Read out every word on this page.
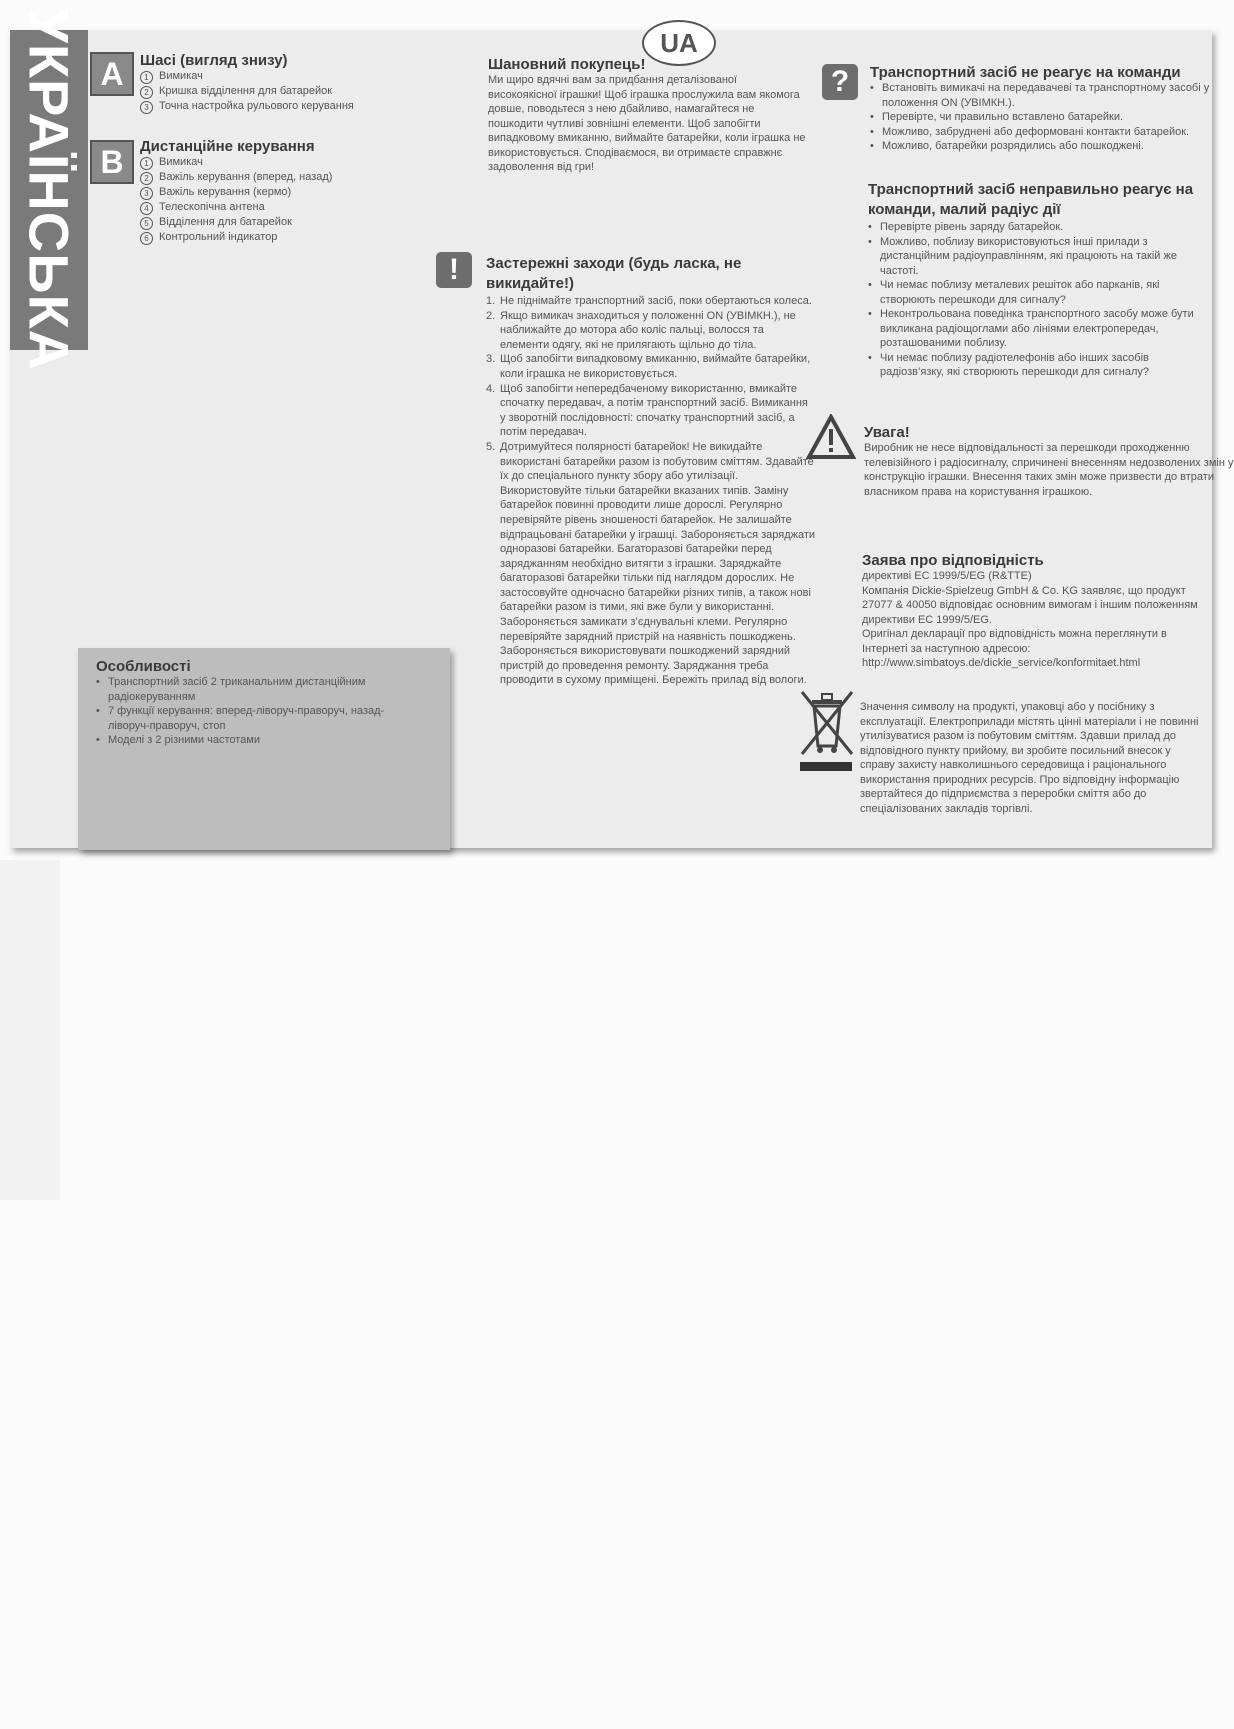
УКРАЇНСЬКА	UA
A	Шасі (вигляд знизу)

1 Вимикач
2 Кришка відділення для батарейок
3 Точна настройка рульового керування
B	Дистанційне керування

1 Вимикач
2 Важіль керування (вперед, назад)
3 Важіль керування (кермо)
4 Телескопічна антена
5 Відділення для батарейок
6 Контрольний індикатор

Шановний покупець!

Ми щиро вдячні вам за придбання деталізованої високоякісної іграшки! Щоб іграшка прослужила вам якомога довше, поводьтеся з нею дбайливо, намагайтеся не пошкодити чутливі зовнішні елементи. Щоб запобігти випадковому вмиканню, виймайте батарейки, коли іграшка не використовується. Сподіваємося, ви отримаєте справжнє задоволення від гри!

!	Застережні заходи (будь ласка, не викидайте!)

1. Не піднімайте транспортний засіб, поки обертаються колеса.
2. Якщо вимикач знаходиться у положенні ON (УВІМКН.), не наближайте до мотора або коліс пальці, волосся та елементи одягу, які не прилягають щільно до тіла.
3. Щоб запобігти випадковому вмиканню, виймайте батарейки, коли іграшка не використовується.
4. Щоб запобігти непередбаченому використанню, вмикайте спочатку передавач, а потім транспортний засіб. Вимикання у зворотній послідовності: спочатку транспортний засіб, а потім передавач.
5. Дотримуйтеся полярності батарейок! Не викидайте використані батарейки разом із побутовим сміттям. Здавайте їх до спеціального пункту збору або утилізації. Використовуйте тільки батарейки вказаних типів. Заміну батарейок повинні проводити лише дорослі. Регулярно перевіряйте рівень зношеності батарейок. Не залишайте відпрацьовані батарейки у іграшці. Забороняється заряджати одноразові батарейки. Багаторазові батарейки перед заряджанням необхідно витягти з іграшки. Заряджайте багаторазові батарейки тільки під наглядом дорослих. Не застосовуйте одночасно батарейки різних типів, а також нові батарейки разом із тими, які вже були у використанні. Забороняється замикати з’єднувальні клеми. Регулярно перевіряйте зарядний пристрій на наявність пошкоджень. Забороняється використовувати пошкоджений зарядний пристрій до проведення ремонту. Заряджання треба проводити в сухому приміщені. Бережіть прилад від вологи.

Особливості

• Транспортний засіб 2 триканальним дистанційним радіокеруванням
• 7 функції керування: вперед-ліворуч-праворуч, назад-ліворуч-праворуч, стоп
• Моделі з 2 різними частотами
?	Транспортний засіб не реагує на команди

• Встановіть вимикачі на передавачеві та транспортному засобі у положення ON (УВІМКН.).
• Перевірте, чи правильно вставлено батарейки.
• Можливо, забруднені або деформовані контакти батарейок.
• Можливо, батарейки розрядились або пошкоджені.

Транспортний засіб неправильно реагує на команди, малий радіус дії

• Перевірте рівень заряду батарейок.
• Можливо, поблизу використовуються інші прилади з дистанційним радіоуправлінням, які працюють на такій же частоті.
• Чи немає поблизу металевих решіток або парканів, які створюють перешкоди для сигналу?
• Неконтрольована поведінка транспортного засобу може бути викликана радіощоглами або лініями електропередач, розташованими поблизу.
• Чи немає поблизу радіотелефонів або інших засобів радіозв’язку, які створюють перешкоди для сигналу?

Увага!

Виробник не несе відповідальності за перешкоди проходженню телевізійного і радіосигналу, спричинені внесенням недозволених змін у конструкцію іграшки. Внесення таких змін може призвести до втрати власником права на користування іграшкою.

Заява про відповідність

директиві ЕС 1999/5/EG (R&TTE)

Компанія Dickie-Spielzeug GmbH & Co. KG заявляє, що продукт 27077 & 40050 відповідає основним вимогам і іншим положенням директиви ЕС 1999/5/EG.

Оригінал декларації про відповідність можна переглянути в Інтернеті за наступною адресою:

http://www.simbatoys.de/dickie_service/konformitaet.html

Значення символу на продукті, упаковці або у посібнику з експлуатації. Електроприлади містять цінні матеріали і не повинні утилізуватися разом із побутовим сміттям. Здавши прилад до відповідного пункту прийому, ви зробите посильний внесок у справу захисту навколишнього середовища і раціонального використання природних ресурсів. Про відповідну інформацію звертайтеся до підприємства з переробки сміття або до спеціалізованих закладів торгівлі.
